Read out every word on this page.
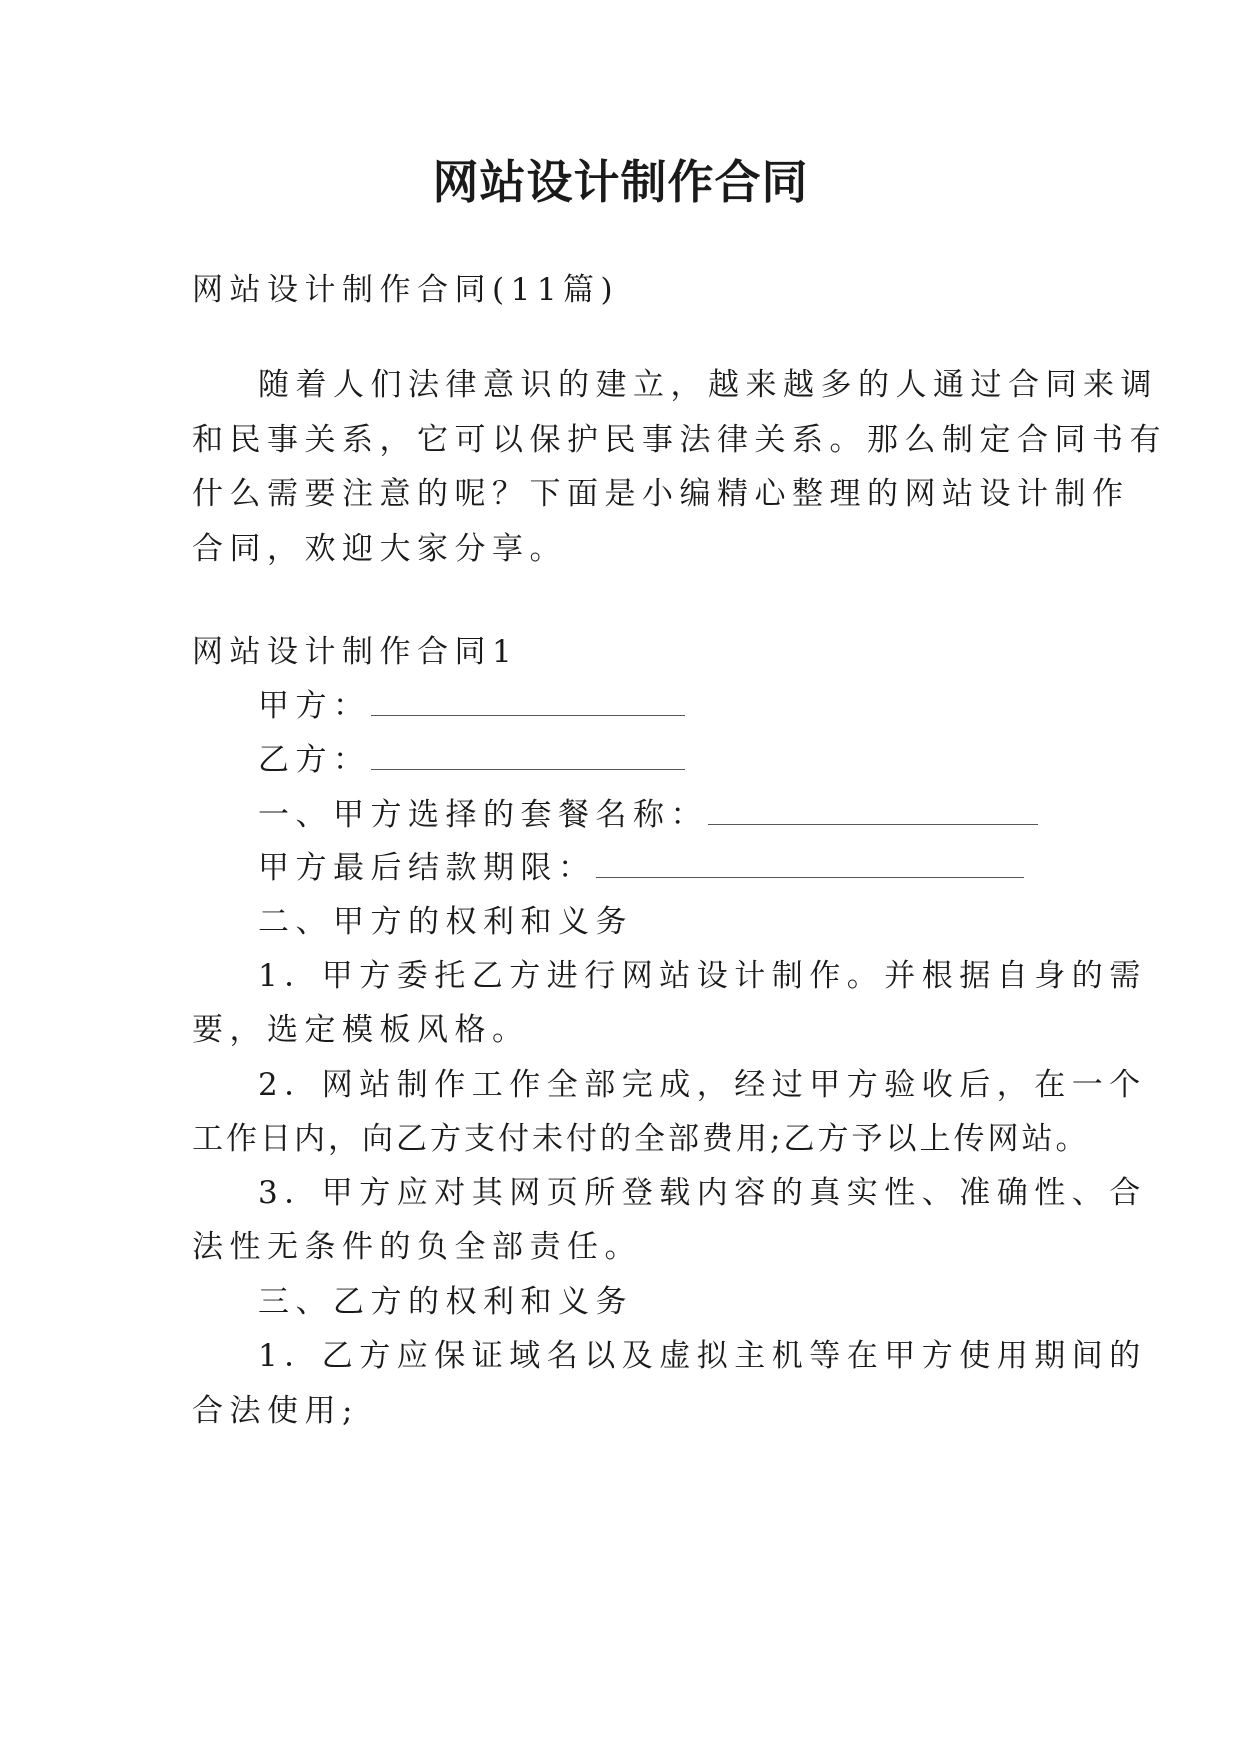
网站设计制作合同
网站设计制作合同(11篇)
随着人们法律意识的建立，越来越多的人通过合同来调
和民事关系，它可以保护民事法律关系。那么制定合同书有
什么需要注意的呢？下面是小编精心整理的网站设计制作
合同，欢迎大家分享。
网站设计制作合同1
甲方：
乙方：
一、甲方选择的套餐名称：
甲方最后结款期限：
二、甲方的权利和义务
1．甲方委托乙方进行网站设计制作。并根据自身的需
要，选定模板风格。
2．网站制作工作全部完成，经过甲方验收后，在一个
工作日内，向乙方支付未付的全部费用;乙方予以上传网站。
3．甲方应对其网页所登载内容的真实性、准确性、合
法性无条件的负全部责任。
三、乙方的权利和义务
1．乙方应保证域名以及虚拟主机等在甲方使用期间的
合法使用;
